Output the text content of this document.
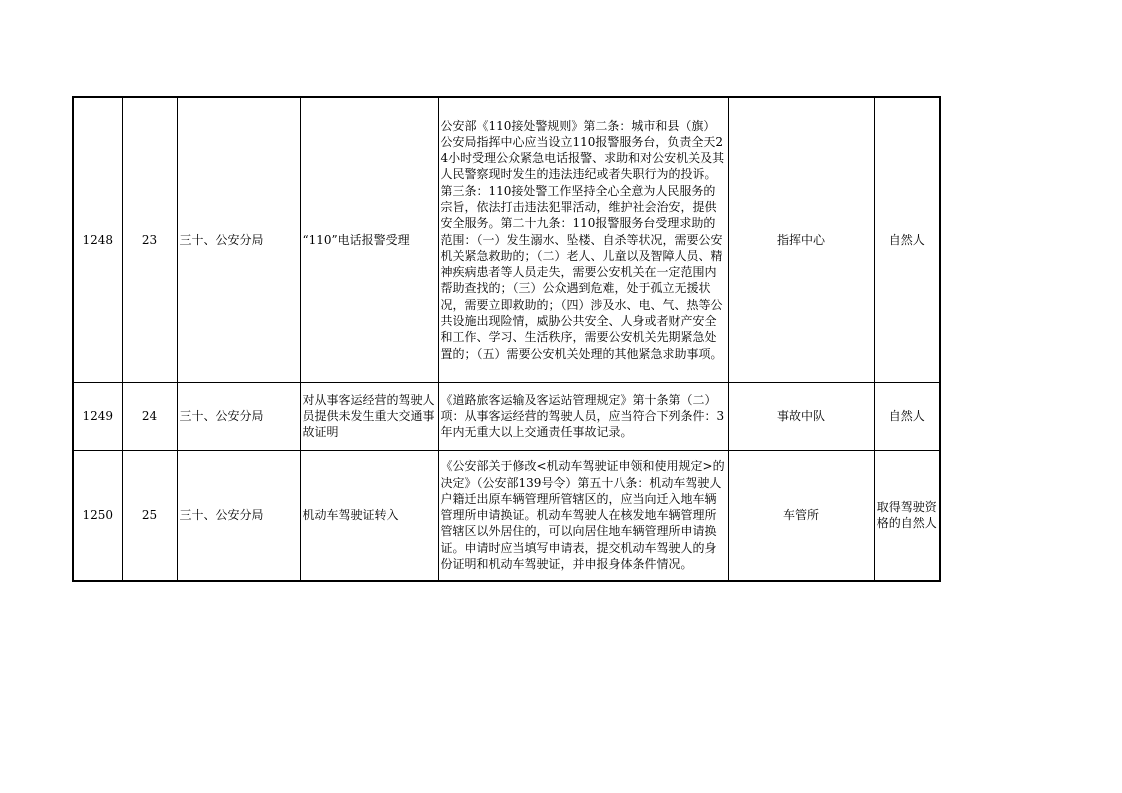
1248	23	三十、公安分局	“110”电话报警受理	公安部《110接处警规则》第二条：城市和县（旗）公安局指挥中心应当设立110报警服务台，负责全天24小时受理公众紧急电话报警、求助和对公安机关及其人民警察现时发生的违法违纪或者失职行为的投诉。第三条：110接处警工作坚持全心全意为人民服务的宗旨，依法打击违法犯罪活动，维护社会治安，提供安全服务。第二十九条：110报警服务台受理求助的范围：（一）发生溺水、坠楼、自杀等状况，需要公安机关紧急救助的；（二）老人、儿童以及智障人员、精神疾病患者等人员走失，需要公安机关在一定范围内帮助查找的；（三）公众遇到危难，处于孤立无援状况，需要立即救助的；（四）涉及水、电、气、热等公共设施出现险情，威胁公共安全、人身或者财产安全和工作、学习、生活秩序，需要公安机关先期紧急处置的；（五）需要公安机关处理的其他紧急求助事项。	指挥中心	自然人
1249	24	三十、公安分局	对从事客运经营的驾驶人员提供未发生重大交通事故证明	《道路旅客运输及客运站管理规定》第十条第（二）项：从事客运经营的驾驶人员，应当符合下列条件：3年内无重大以上交通责任事故记录。	事故中队	自然人
1250	25	三十、公安分局	机动车驾驶证转入	《公安部关于修改<机动车驾驶证申领和使用规定>的决定》（公安部139号令）第五十八条：机动车驾驶人户籍迁出原车辆管理所管辖区的，应当向迁入地车辆管理所申请换证。机动车驾驶人在核发地车辆管理所管辖区以外居住的，可以向居住地车辆管理所申请换证。申请时应当填写申请表，提交机动车驾驶人的身份证明和机动车驾驶证，并申报身体条件情况。	车管所	取得驾驶资格的自然人
